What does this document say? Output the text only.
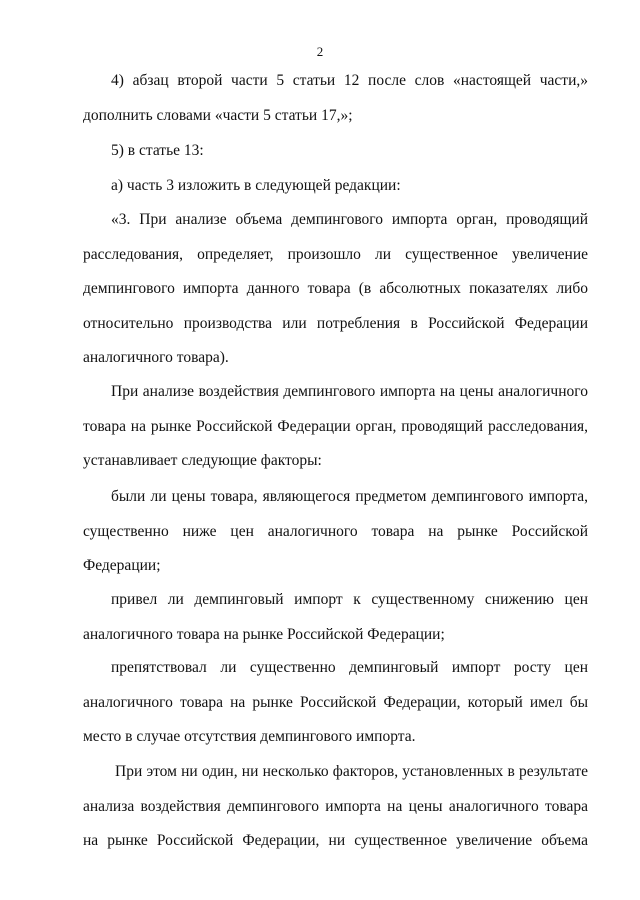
2

4) абзац второй части 5 статьи 12 после слов «настоящей части,» дополнить словами «части 5 статьи 17,»;

5) в статье 13:

а) часть 3 изложить в следующей редакции:

«3. При анализе объема демпингового импорта орган, проводящий расследования, определяет, произошло ли существенное увеличение демпингового импорта данного товара (в абсолютных показателях либо относительно производства или потребления в Российской Федерации аналогичного товара).

При анализе воздействия демпингового импорта на цены аналогичного товара на рынке Российской Федерации орган, проводящий расследования, устанавливает следующие факторы:

были ли цены товара, являющегося предметом демпингового импорта, существенно ниже цен аналогичного товара на рынке Российской Федерации;

привел ли демпинговый импорт к существенному снижению цен аналогичного товара на рынке Российской Федерации;

препятствовал ли существенно демпинговый импорт росту цен аналогичного товара на рынке Российской Федерации, который имел бы место в случае отсутствия демпингового импорта.

При этом ни один, ни несколько факторов, установленных в результате анализа воздействия демпингового импорта на цены аналогичного товара на рынке Российской Федерации, ни существенное увеличение объема
